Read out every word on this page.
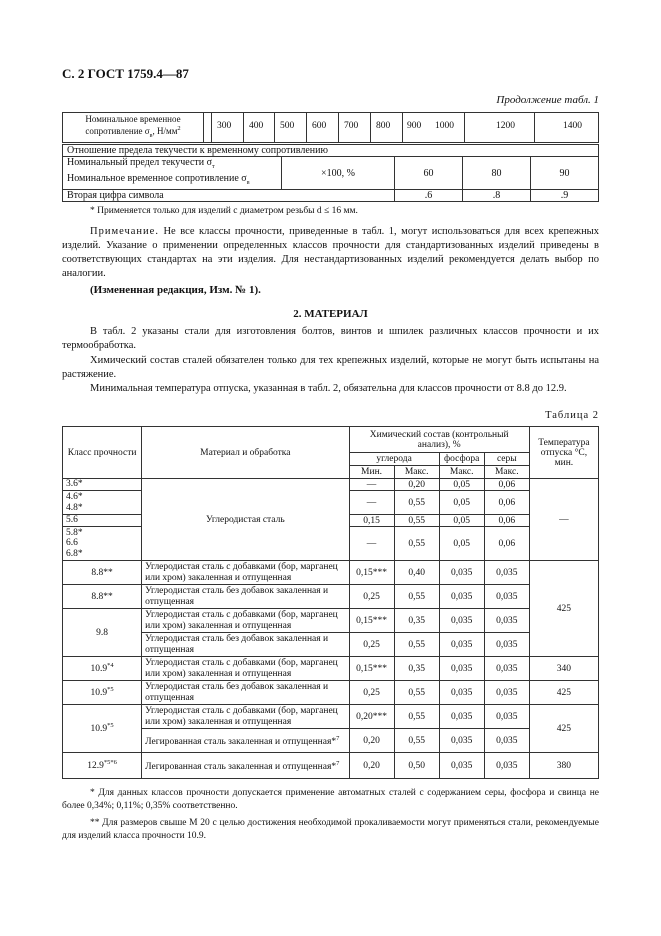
С. 2 ГОСТ 1759.4—87
Продолжение табл. 1
Номинальное временное
сопротивление $\sigma_в$, $Н/мм^2$	300 400 500 600 700 800 900 1000	1200	1400
Отношение предела текучести к временному сопротивлению				
Номинальный предел текучести $\sigma_т$	×100, %	60	80	90
Номинальное временное сопротивление $\sigma_в$
Вторая цифра символа		.6	.8	.9
* Применяется только для изделий с диаметром резьбы d ≤ 16 мм.

Примечание. Не все классы прочности, приведенные в табл. 1, могут использоваться для всех крепежных изделий. Указание о применении определенных классов прочности для стандартизованных изделий приведены в соответствующих стандартах на эти изделия. Для нестандартизованных изделий рекомендуется делать выбор по аналогии.

(Измененная редакция, Изм. № 1).
2. МАТЕРИАЛ

В табл. 2 указаны стали для изготовления болтов, винтов и шпилек различных классов прочности и их термообработка.

Химический состав сталей обязателен только для тех крепежных изделий, которые не могут быть испытаны на растяжение.

Минимальная температура отпуска, указанная в табл. 2, обязательна для классов прочности от 8.8 до 12.9.

Таблица 2
Класс прочности	Материал и обработка	Химический состав (контрольный анализ), %				Температура отпуска °С, мин.
		углерода		фосфора	серы	
		Мин.	Макс.	Макс.	Макс.	
3.6*	Углеродистая сталь	—	0,20	0,05	0,06	—
4.6*
4.8*		—	0,55	0,05	0,06	
5.6		0,15	0,55	0,05	0,06	
5.8*
6.6
6.8*		—	0,55	0,05	0,06	
8.8**	Углеродистая сталь с добавками (бор, марганец или хром) закаленная и отпущенная	0,15***	0,40	0,035	0,035	425
8.8**	Углеродистая сталь без добавок закаленная и отпущенная	0,25	0,55	0,035	0,035	
9.8	Углеродистая сталь с добавками (бор, марганец или хром) закаленная и отпущенная	0,15***	0,35	0,035	0,035	
	Углеродистая сталь без добавок закаленная и отпущенная	0,25	0,55	0,035	0,035	
10.9$^{*4}$	Углеродистая сталь с добавками (бор, марганец или хром) закаленная и отпущенная	0,15***	0,35	0,035	0,035	340
10.9$^{*5}$	Углеродистая сталь без добавок закаленная и отпущенная	0,25	0,55	0,035	0,035	425
10.9$^{*5}$	Углеродистая сталь с добавками (бор, марганец или хром) закаленная и отпущенная	0,20***	0,55	0,035	0,035	425
	Легированная сталь закаленная и отпущенная*$^7$	0,20	0,55	0,035	0,035	
$12.9^{*5*6}$	Легированная сталь закаленная и отпущенная*$^7$	0,20	0,50	0,035	0,035	380

* Для данных классов прочности допускается применение автоматных сталей с содержанием серы, фосфора и свинца не более 0,34%; 0,11%; 0,35% соответственно.

** Для размеров свыше М 20 с целью достижения необходимой прокаливаемости могут применяться стали, рекомендуемые для изделий класса прочности 10.9.
